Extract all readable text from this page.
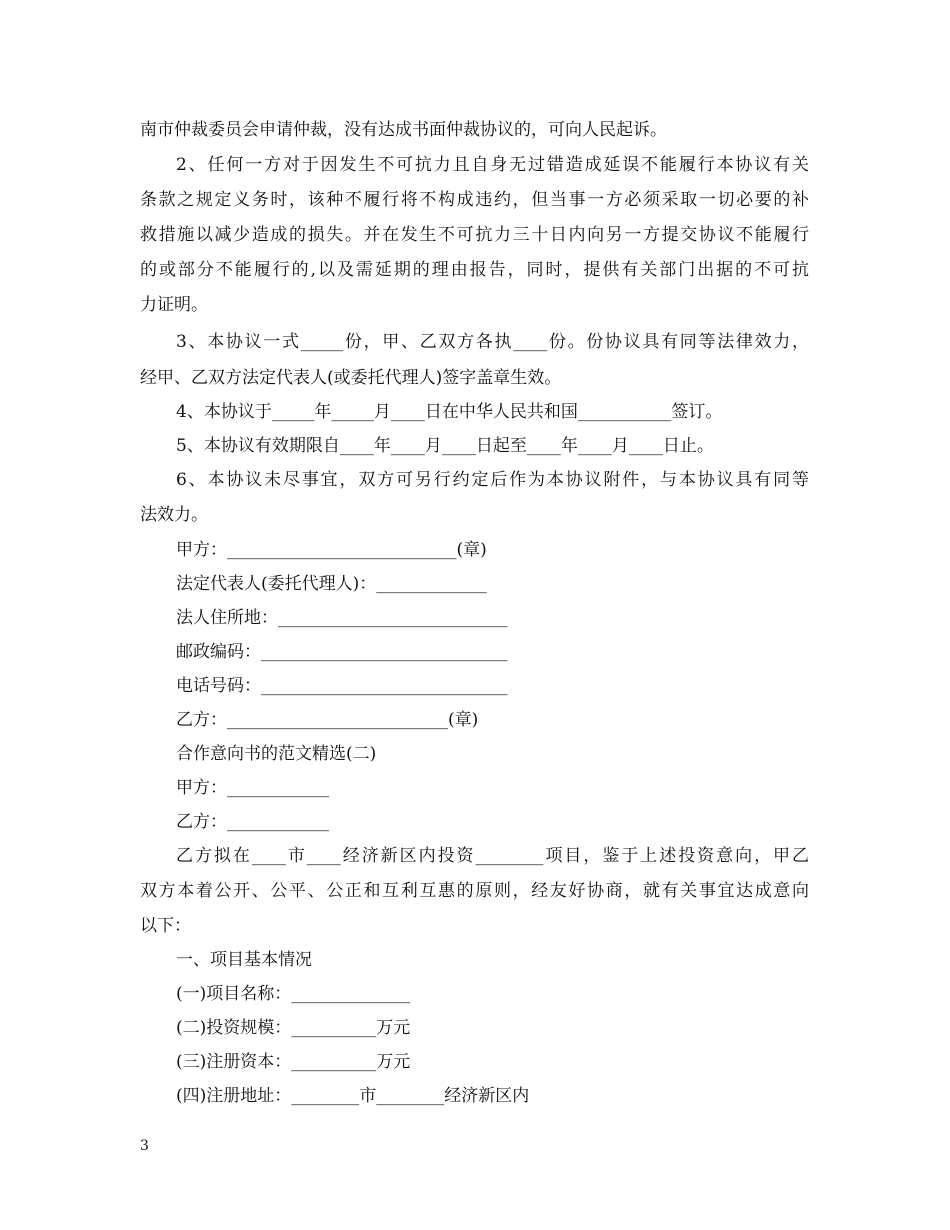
南市仲裁委员会申请仲裁，没有达成书面仲裁协议的，可向人民起诉。

2、任何一方对于因发生不可抗力且自身无过错造成延误不能履行本协议有关

条款之规定义务时，该种不履行将不构成违约，但当事一方必须采取一切必要的补

救措施以减少造成的损失。并在发生不可抗力三十日内向另一方提交协议不能履行

的或部分不能履行的,以及需延期的理由报告，同时，提供有关部门出据的不可抗

力证明。

3、本协议一式_____份，甲、乙双方各执____份。份协议具有同等法律效力，

经甲、乙双方法定代表人(或委托代理人)签字盖章生效。

4、本协议于_____年_____月____日在中华人民共和国___________签订。

5、本协议有效期限自____年____月____日起至____年____月____日止。

6、本协议未尽事宜，双方可另行约定后作为本协议附件，与本协议具有同等

法效力。

甲方：___________________________(章)

法定代表人(委托代理人)：_____________

法人住所地：___________________________

邮政编码：_____________________________

电话号码：_____________________________

乙方：__________________________(章)

合作意向书的范文精选(二)

甲方：____________

乙方：____________

乙方拟在____市____经济新区内投资________项目，鉴于上述投资意向，甲乙

双方本着公开、公平、公正和互利互惠的原则，经友好协商，就有关事宜达成意向

以下：

一、项目基本情况

(一)项目名称：______________

(二)投资规模：__________万元

(三)注册资本：__________万元

(四)注册地址：________市________经济新区内

3
